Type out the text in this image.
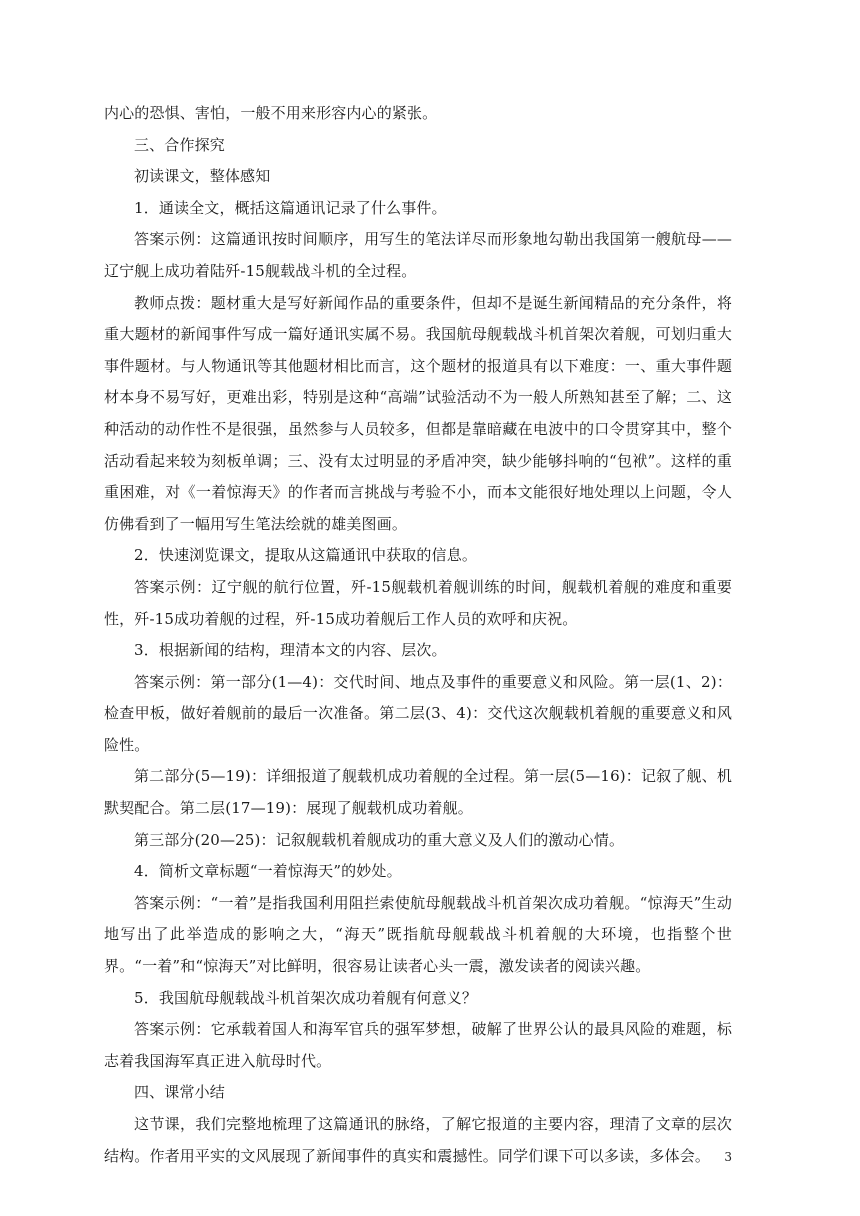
内心的恐惧、害怕，一般不用来形容内心的紧张。

三、合作探究

初读课文，整体感知

1．通读全文，概括这篇通讯记录了什么事件。

答案示例：这篇通讯按时间顺序，用写生的笔法详尽而形象地勾勒出我国第一艘航母——辽宁舰上成功着陆歼-15舰载战斗机的全过程。

教师点拨：题材重大是写好新闻作品的重要条件，但却不是诞生新闻精品的充分条件，将重大题材的新闻事件写成一篇好通讯实属不易。我国航母舰载战斗机首架次着舰，可划归重大事件题材。与人物通讯等其他题材相比而言，这个题材的报道具有以下难度：一、重大事件题材本身不易写好，更难出彩，特别是这种“高端”试验活动不为一般人所熟知甚至了解；二、这种活动的动作性不是很强，虽然参与人员较多，但都是靠暗藏在电波中的口令贯穿其中，整个活动看起来较为刻板单调；三、没有太过明显的矛盾冲突，缺少能够抖响的“包袱”。这样的重重困难，对《一着惊海天》的作者而言挑战与考验不小，而本文能很好地处理以上问题，令人仿佛看到了一幅用写生笔法绘就的雄美图画。

2．快速浏览课文，提取从这篇通讯中获取的信息。

答案示例：辽宁舰的航行位置，歼-15舰载机着舰训练的时间，舰载机着舰的难度和重要性，歼-15成功着舰的过程，歼-15成功着舰后工作人员的欢呼和庆祝。

3．根据新闻的结构，理清本文的内容、层次。

答案示例：第一部分(1—4)：交代时间、地点及事件的重要意义和风险。第一层(1、2)：检查甲板，做好着舰前的最后一次准备。第二层(3、4)：交代这次舰载机着舰的重要意义和风险性。

第二部分(5—19)：详细报道了舰载机成功着舰的全过程。第一层(5—16)：记叙了舰、机默契配合。第二层(17—19)：展现了舰载机成功着舰。

第三部分(20—25)：记叙舰载机着舰成功的重大意义及人们的激动心情。

4．简析文章标题“一着惊海天”的妙处。

答案示例：“一着”是指我国利用阻拦索使航母舰载战斗机首架次成功着舰。“惊海天”生动地写出了此举造成的影响之大，“海天”既指航母舰载战斗机着舰的大环境，也指整个世界。“一着”和“惊海天”对比鲜明，很容易让读者心头一震，激发读者的阅读兴趣。

5．我国航母舰载战斗机首架次成功着舰有何意义？

答案示例：它承载着国人和海军官兵的强军梦想，破解了世界公认的最具风险的难题，标志着我国海军真正进入航母时代。

四、课常小结

这节课，我们完整地梳理了这篇通讯的脉络，了解它报道的主要内容，理清了文章的层次结构。作者用平实的文风展现了新闻事件的真实和震撼性。同学们课下可以多读，多体会。	3
